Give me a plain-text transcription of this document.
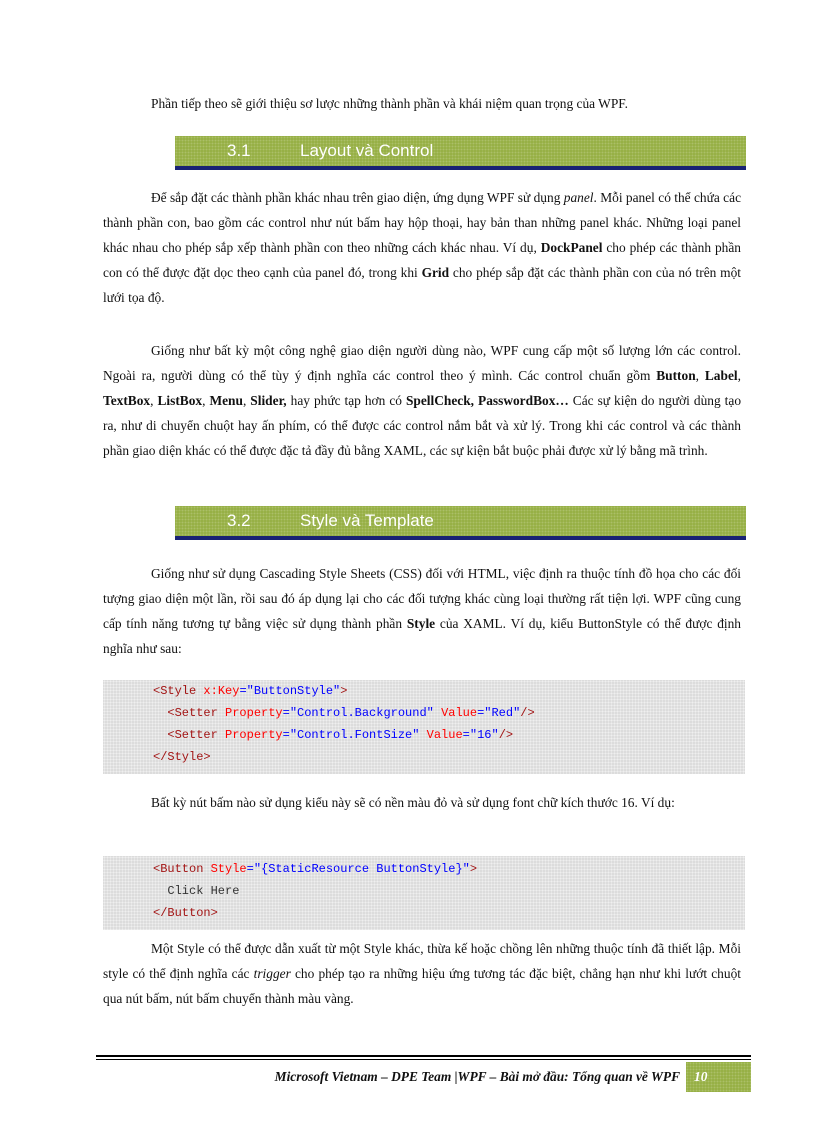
Phần tiếp theo sẽ giới thiệu sơ lược những thành phần và khái niệm quan trọng của WPF.

3.1	Layout và Control

Để sắp đặt các thành phần khác nhau trên giao diện, ứng dụng WPF sử dụng panel. Mỗi panel có thể chứa các thành phần con, bao gồm các control như nút bấm hay hộp thoại, hay bản than những panel khác. Những loại panel khác nhau cho phép sắp xếp thành phần con theo những cách khác nhau. Ví dụ, DockPanel cho phép các thành phần con có thể được đặt dọc theo cạnh của panel đó, trong khi Grid cho phép sắp đặt các thành phần con của nó trên một lưới tọa độ.

Giống như bất kỳ một công nghệ giao diện người dùng nào, WPF cung cấp một số lượng lớn các control. Ngoài ra, người dùng có thể tùy ý định nghĩa các control theo ý mình. Các control chuẩn gồm Button, Label, TextBox, ListBox, Menu, Slider, hay phức tạp hơn có SpellCheck, PasswordBox… Các sự kiện do người dùng tạo ra, như di chuyển chuột hay ấn phím, có thể được các control nắm bắt và xử lý. Trong khi các control và các thành phần giao diện khác có thể được đặc tả đầy đủ bằng XAML, các sự kiện bắt buộc phải được xử lý bằng mã trình.

3.2	Style và Template

Giống như sử dụng Cascading Style Sheets (CSS) đối với HTML, việc định ra thuộc tính đồ họa cho các đối tượng giao diện một lần, rồi sau đó áp dụng lại cho các đối tượng khác cùng loại thường rất tiện lợi. WPF cũng cung cấp tính năng tương tự bằng việc sử dụng thành phần Style của XAML. Ví dụ, kiểu ButtonStyle có thể được định nghĩa như sau:

<Style x:Key="ButtonStyle">
<Setter Property="Control.Background" Value="Red"/>
<Setter Property="Control.FontSize" Value="16"/>
</Style>

Bất kỳ nút bấm nào sử dụng kiểu này sẽ có nền màu đỏ và sử dụng font chữ kích thước 16. Ví dụ:

<Button Style="{StaticResource ButtonStyle}">
Click Here
</Button>

Một Style có thể được dẫn xuất từ một Style khác, thừa kế hoặc chồng lên những thuộc tính đã thiết lập. Mỗi style có thể định nghĩa các trigger cho phép tạo ra những hiệu ứng tương tác đặc biệt, chẳng hạn như khi lướt chuột qua nút bấm, nút bấm chuyển thành màu vàng.

Microsoft Vietnam – DPE Team |WPF – Bài mở đầu: Tổng quan về WPF	10
